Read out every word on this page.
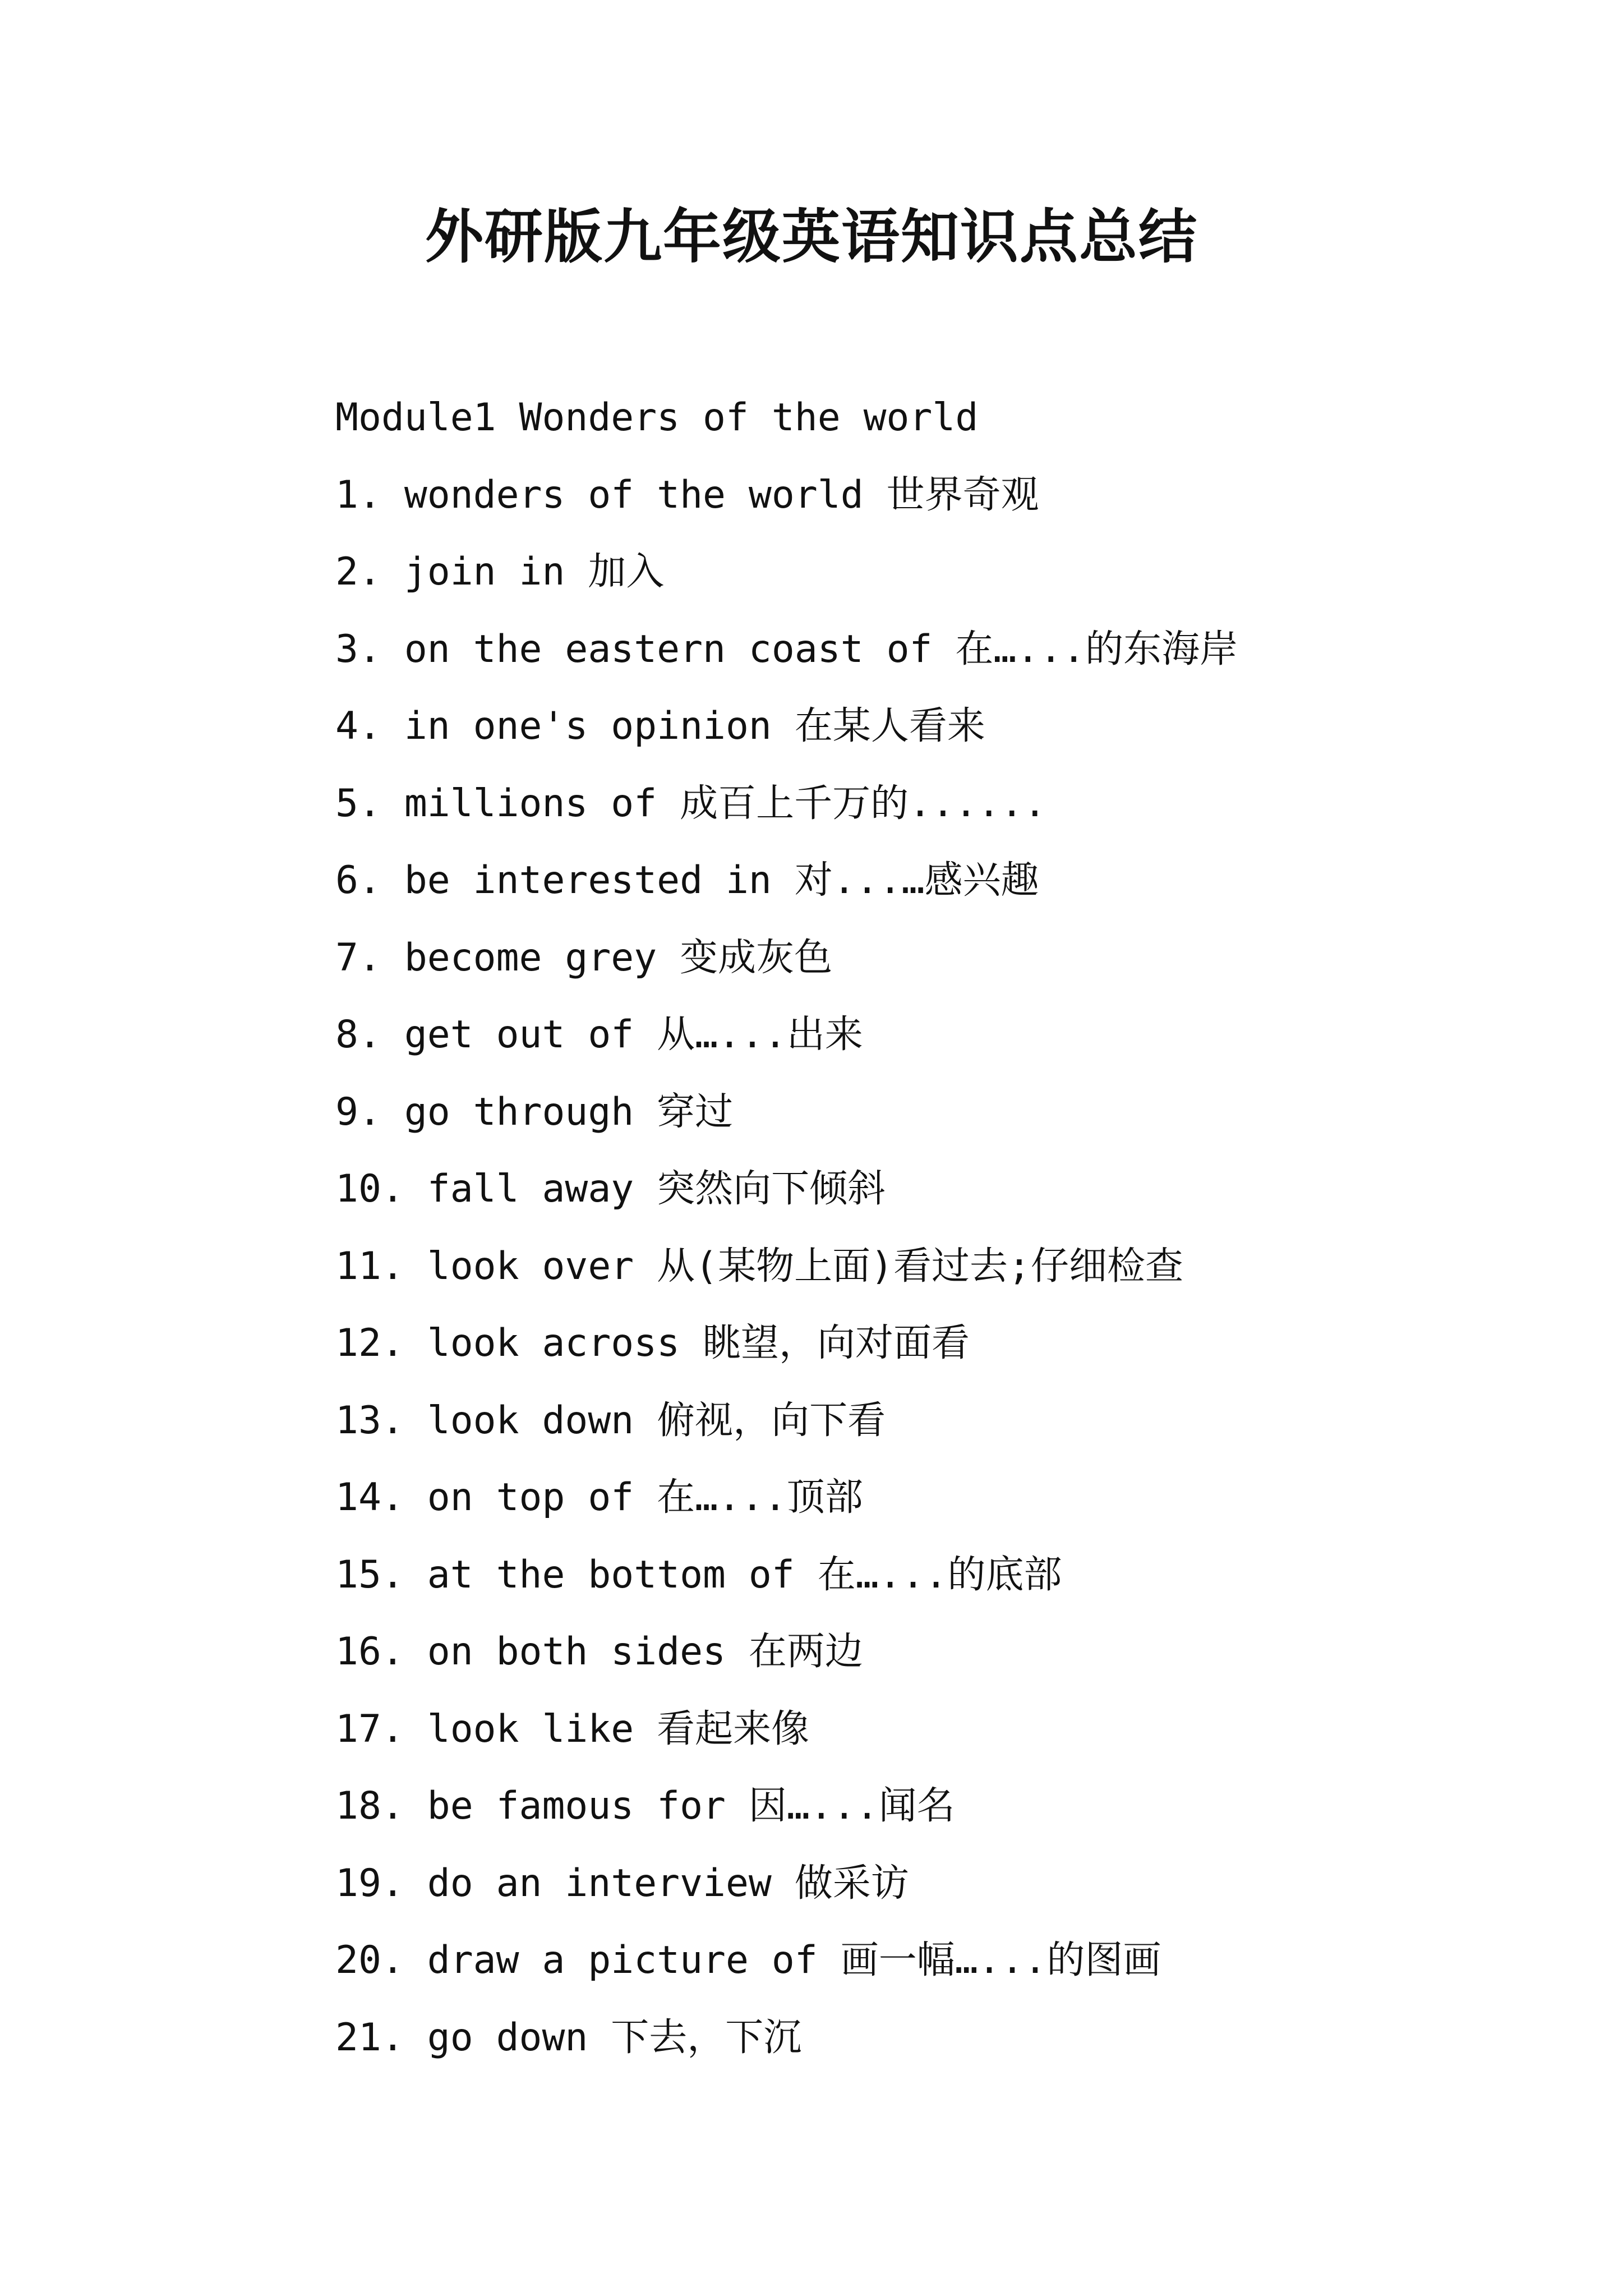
外研版九年级英语知识点总结
Module1 Wonders of the world
1. wonders of the world 世界奇观
2. join in 加入
3. on the eastern coast of 在…...的东海岸
4. in one's opinion 在某人看来
5. millions of 成百上千万的......
6. be interested in 对...…感兴趣
7. become grey 变成灰色
8. get out of 从…...出来
9. go through 穿过
10. fall away 突然向下倾斜
11. look over 从(某物上面)看过去;仔细检查
12. look across 眺望，向对面看
13. look down 俯视，向下看
14. on top of 在…...顶部
15. at the bottom of 在…...的底部
16. on both sides 在两边
17. look like 看起来像
18. be famous for 因…...闻名
19. do an interview 做采访
20. draw a picture of 画一幅…...的图画
21. go down 下去，下沉
